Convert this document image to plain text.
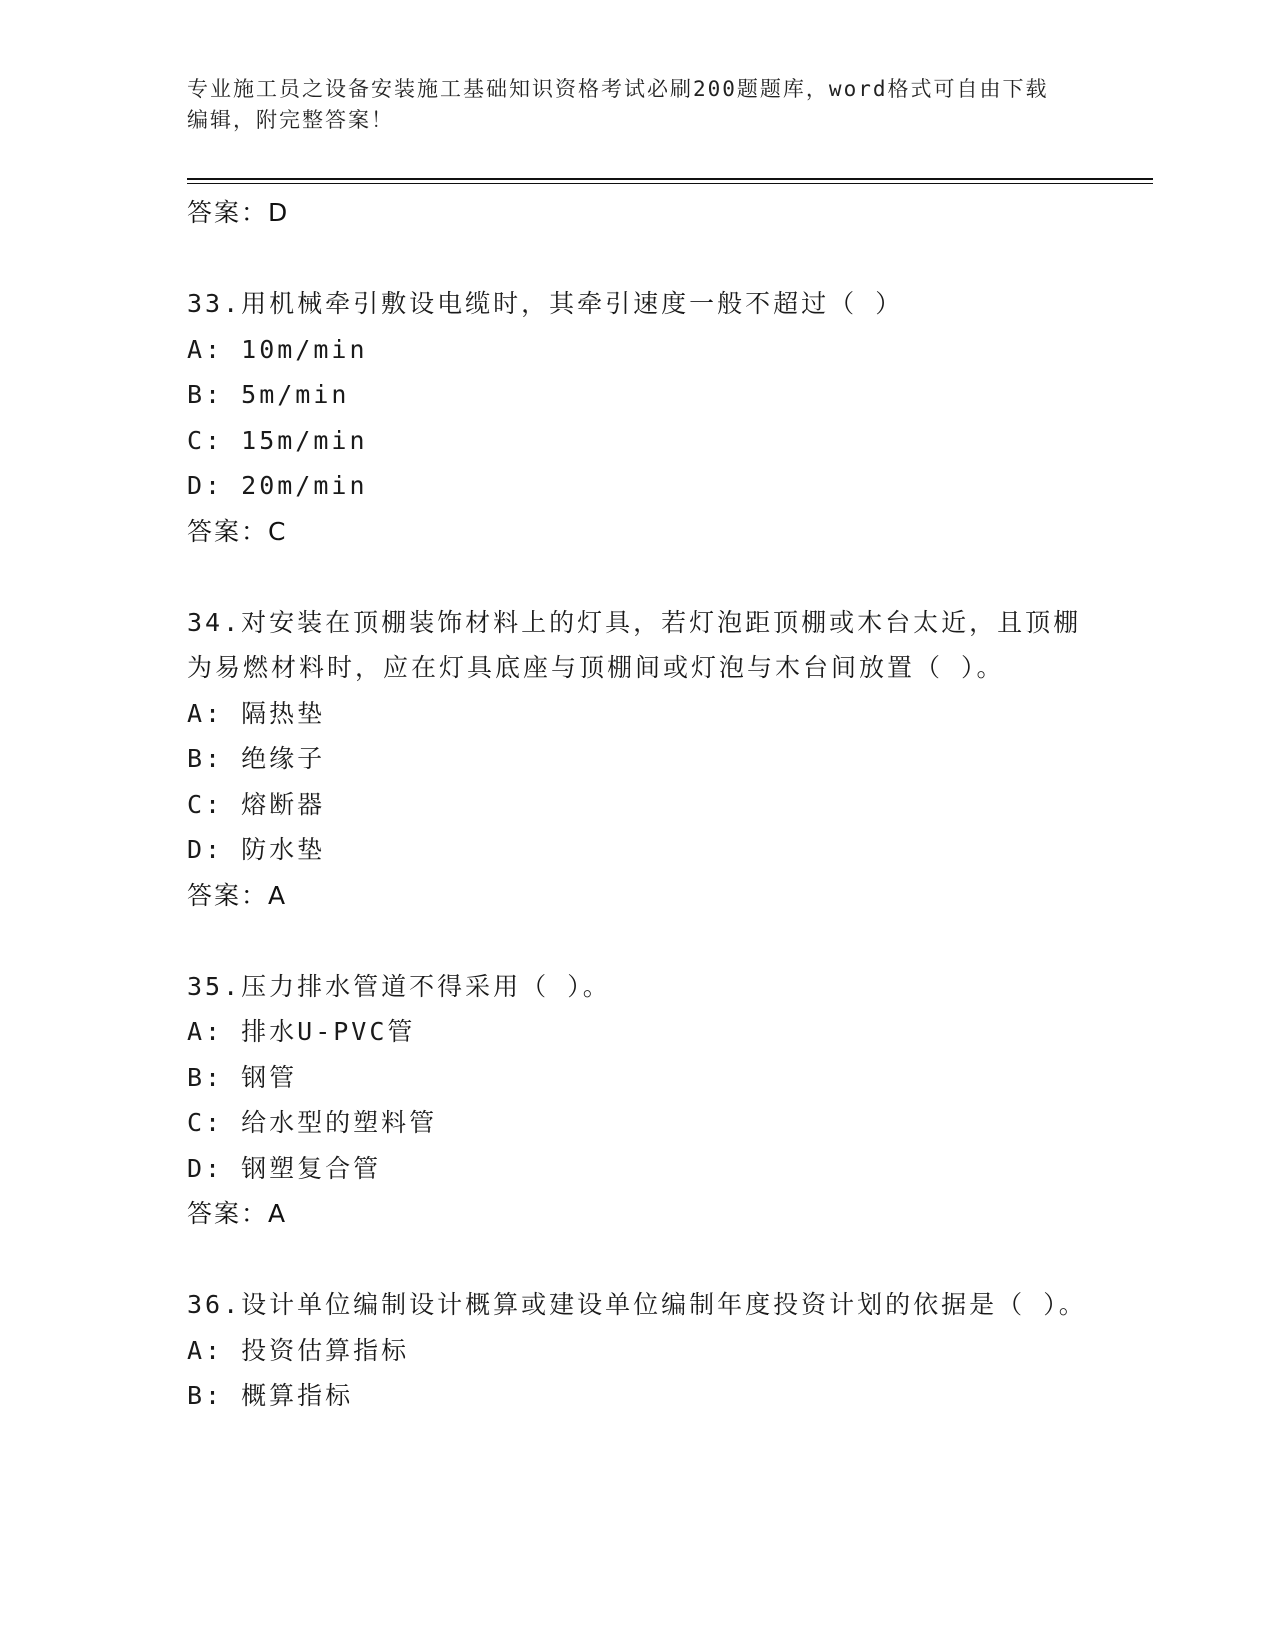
专业施工员之设备安装施工基础知识资格考试必刷200题题库，word格式可自由下载编辑，附完整答案！
答案：D
33.用机械牵引敷设电缆时，其牵引速度一般不超过（ ）
A: 10m/min
B: 5m/min
C: 15m/min
D: 20m/min
答案：C
34.对安装在顶棚装饰材料上的灯具，若灯泡距顶棚或木台太近，且顶棚为易燃材料时，应在灯具底座与顶棚间或灯泡与木台间放置（ ）。
A: 隔热垫
B: 绝缘子
C: 熔断器
D: 防水垫
答案：A
35.压力排水管道不得采用（ ）。
A: 排水U-PVC管
B: 钢管
C: 给水型的塑料管
D: 钢塑复合管
答案：A
36.设计单位编制设计概算或建设单位编制年度投资计划的依据是（ ）。
A: 投资估算指标
B: 概算指标
